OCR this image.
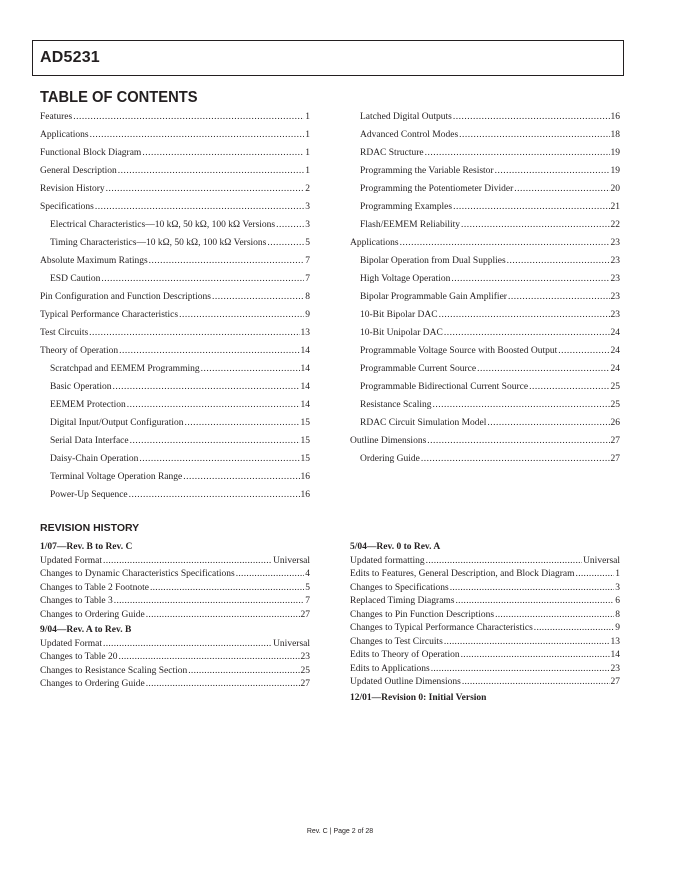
AD5231
TABLE OF CONTENTS
Features .....	1
Applications .....	1
Functional Block Diagram .....	1
General Description .....	1
Revision History .....	2
Specifications .....	3
Electrical Characteristics—10 kΩ, 50 kΩ, 100 kΩ Versions .....	3
Timing Characteristics—10 kΩ, 50 kΩ, 100 kΩ Versions .....	5
Absolute Maximum Ratings .....	7
ESD Caution .....	7
Pin Configuration and Function Descriptions .....	8
Typical Performance Characteristics .....	9
Test Circuits .....	13
Theory of Operation .....	14
Scratchpad and EEMEM Programming .....	14
Basic Operation .....	14
EEMEM Protection .....	14
Digital Input/Output Configuration .....	15
Serial Data Interface .....	15
Daisy-Chain Operation .....	15
Terminal Voltage Operation Range .....	16
Power-Up Sequence .....	16
Latched Digital Outputs .....	16
Advanced Control Modes .....	18
RDAC Structure .....	19
Programming the Variable Resistor .....	19
Programming the Potentiometer Divider .....	20
Programming Examples .....	21
Flash/EEMEM Reliability .....	22
Applications .....	23
Bipolar Operation from Dual Supplies .....	23
High Voltage Operation .....	23
Bipolar Programmable Gain Amplifier .....	23
10-Bit Bipolar DAC .....	23
10-Bit Unipolar DAC .....	24
Programmable Voltage Source with Boosted Output .....	24
Programmable Current Source .....	24
Programmable Bidirectional Current Source .....	25
Resistance Scaling .....	25
RDAC Circuit Simulation Model .....	26
Outline Dimensions .....	27
Ordering Guide .....	27
REVISION HISTORY
1/07—Rev. B to Rev. C
Updated Format .....	Universal
Changes to Dynamic Characteristics Specifications .....	4
Changes to Table 2 Footnote .....	5
Changes to Table 3 .....	7
Changes to Ordering Guide .....	27
9/04—Rev. A to Rev. B
Updated Format .....	Universal
Changes to Table 20 .....	23
Changes to Resistance Scaling Section .....	25
Changes to Ordering Guide .....	27
5/04—Rev. 0 to Rev. A
Updated formatting .....	Universal
Edits to Features, General Description, and Block Diagram .....	1
Changes to Specifications .....	3
Replaced Timing Diagrams .....	6
Changes to Pin Function Descriptions .....	8
Changes to Typical Performance Characteristics .....	9
Changes to Test Circuits .....	13
Edits to Theory of Operation .....	14
Edits to Applications .....	23
Updated Outline Dimensions .....	27
12/01—Revision 0: Initial Version
Rev. C | Page 2 of 28
